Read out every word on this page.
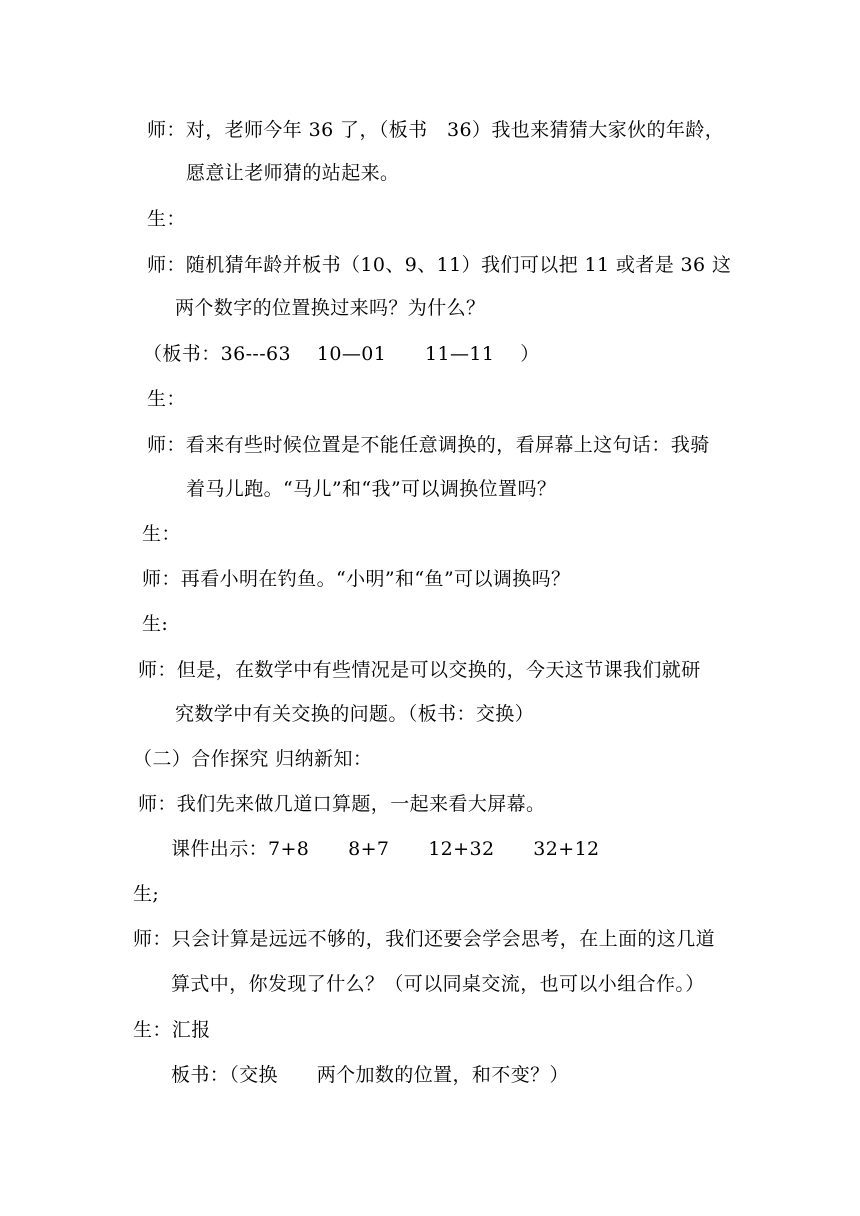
师：对，老师今年 36 了，（板书　36）我也来猜猜大家伙的年龄，
愿意让老师猜的站起来。
生：
师：随机猜年龄并板书（10、9、11）我们可以把 11 或者是 36 这
两个数字的位置换过来吗？为什么？
（板书：36---63　 10—01　　11—11　 ）
生：
师：看来有些时候位置是不能任意调换的，看屏幕上这句话：我骑
着马儿跑。“马儿”和“我”可以调换位置吗？
生：
师：再看小明在钓鱼。“小明”和“鱼”可以调换吗？
生:
师：但是，在数学中有些情况是可以交换的，今天这节课我们就研
究数学中有关交换的问题。（板书：交换）
（二）合作探究 归纳新知：
师：我们先来做几道口算题，一起来看大屏幕。
课件出示：7+8　　8+7　　12+32　　32+12
生;
师：只会计算是远远不够的，我们还要会学会思考，在上面的这几道
算式中，你发现了什么？（可以同桌交流，也可以小组合作。）
生：汇报
板书：（交换　　两个加数的位置，和不变？）
